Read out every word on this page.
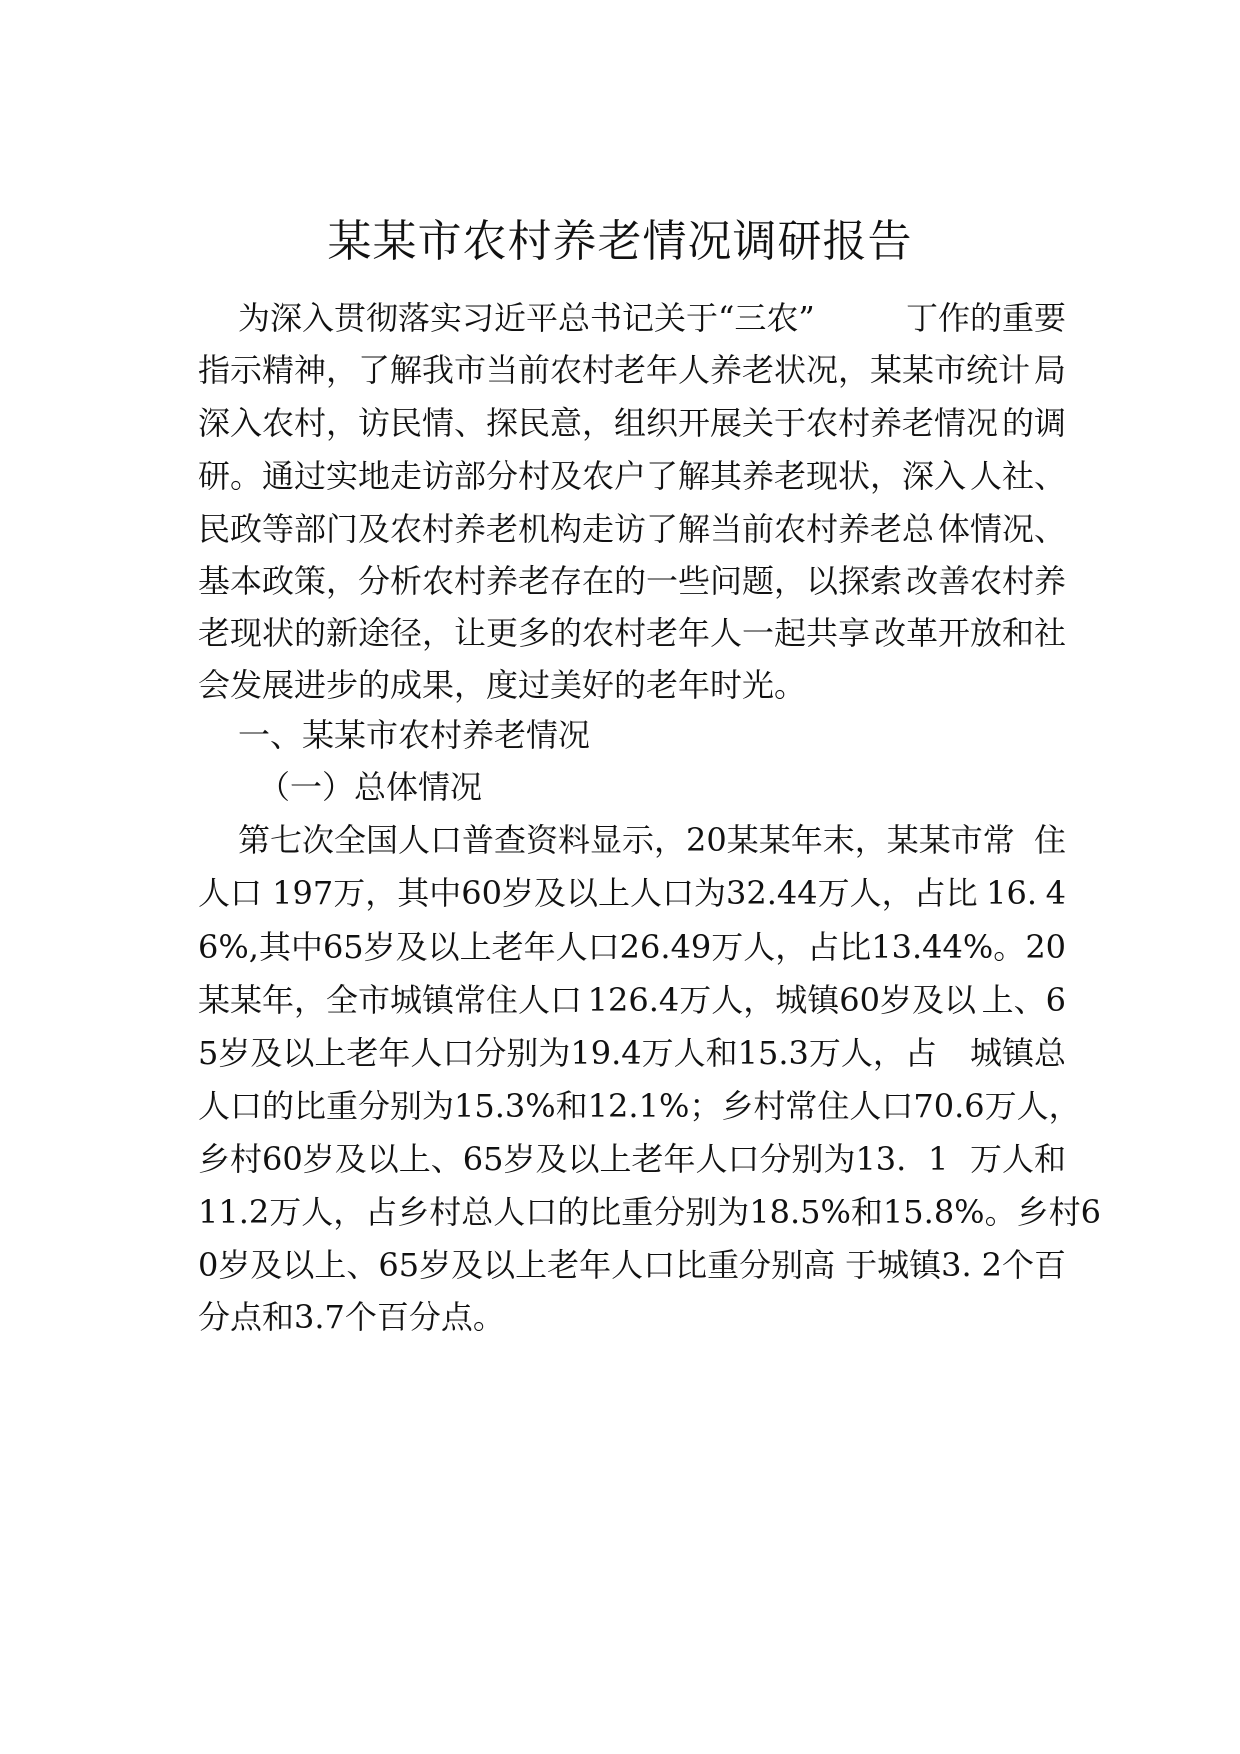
某某市农村养老情况调研报告
为深入贯彻落实习近平总书记关于“三农”	丁作的重要
指示精神，了解我市当前农村老年人养老状况，某某市统计 局
深入农村，访民情、探民意，组织开展关于农村养老情况 的调
研。通过实地走访部分村及农户了解其养老现状，深入 人社、
民政等部门及农村养老机构走访了解当前农村养老总 体情况、
基本政策，分析农村养老存在的一些问题，以探索 改善农村养
老现状的新途径，让更多的农村老年人一起共享 改革开放和社
会发展进步的成果，度过美好的老年时光。
一、某某市农村养老情况
（一）总体情况
第七次全国人口普查资料显示，20某某年末，某某市常 住
人口 197万，其中60岁及以上人口为32.44万人，占比 16. 4
6%,其中65岁及以上老年人口 26. 49万人，占比13.44%。 20
某某年，全市城镇常住人口 126.4万人，城镇60岁及以 上、6
5岁及以上老年人口分别为19.4万人和15.3万人，占 城镇总
人口的比重分别为15. 3%和12. 1%；乡村常住人口 70.6 万人，
乡村60岁及以上、65岁及以上老年人口分别为13. 1 万人和
11.2万人，占乡村总人口的比重分别为18.5%和 15. 8%。乡村6
0岁及以上、65岁及以上老年人口比重分别高 于城镇3. 2个百
分点和3.7个百分点。
